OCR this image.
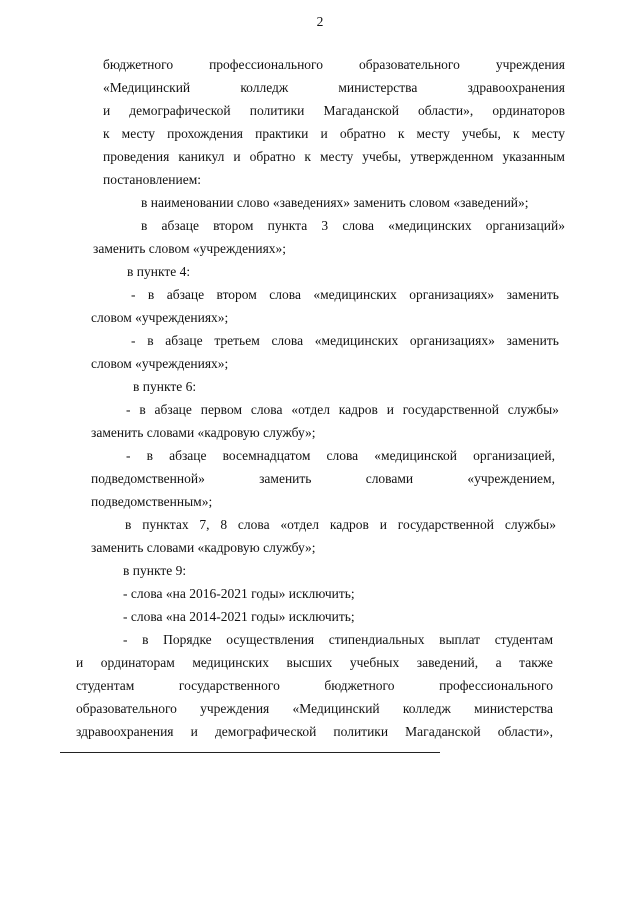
2
бюджетного	профессионального	образовательного	учреждения
«Медицинский	колледж	министерства	здравоохранения
и демографической политики Магаданской области», ординаторов
к месту прохождения практики и обратно к месту учебы, к месту
проведения каникул и обратно к месту учебы, утвержденном указанным
постановлением:
в наименовании слово «заведениях» заменить словом «заведений»;
в абзаце втором пункта 3 слова «медицинских организаций»
заменить словом «учреждениях»;
в пункте 4:
- в абзаце втором слова «медицинских организациях» заменить
словом «учреждениях»;
- в абзаце третьем слова «медицинских организациях» заменить
словом «учреждениях»;
в пункте 6:
- в абзаце первом слова «отдел кадров и государственной службы»
заменить словами «кадровую службу»;
- в абзаце восемнадцатом слова «медицинской организацией,
подведомственной»	заменить	словами	«учреждением,
подведомственным»;
в пунктах 7, 8 слова «отдел кадров и государственной службы»
заменить словами «кадровую службу»;
в пункте 9:
- слова «на 2016-2021 годы» исключить;
- слова «на 2014-2021 годы» исключить;
- в Порядке осуществления стипендиальных выплат студентам
и ординаторам медицинских высших учебных заведений, а также
студентам	государственного	бюджетного	профессионального
образовательного учреждения «Медицинский колледж министерства
здравоохранения и демографической политики Магаданской области»,
